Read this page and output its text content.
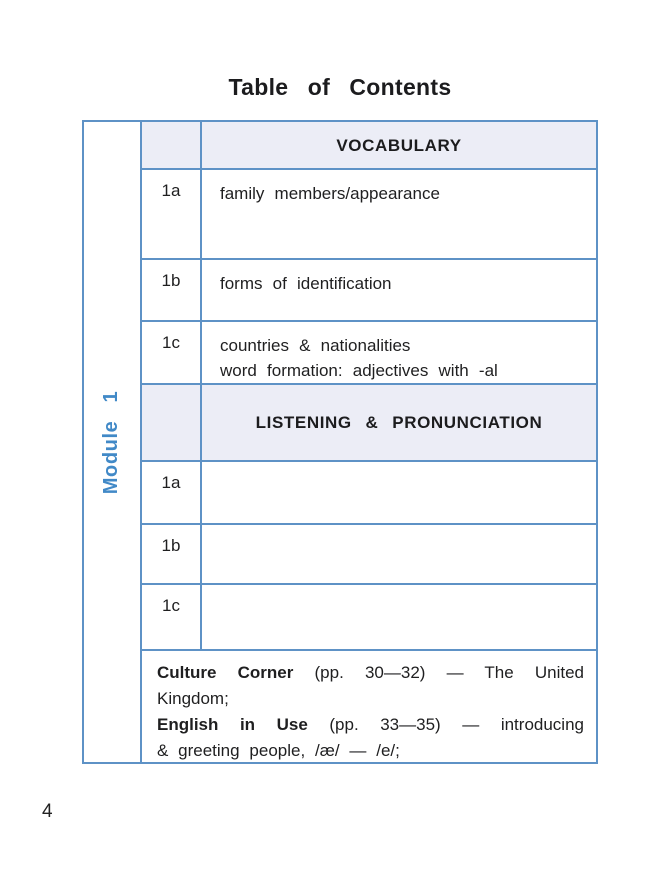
Table of Contents
Module 1
VOCABULARY
1a	family members/appearance
1b	forms of identification
1c	countries & nationalities
word formation: adjectives with -al
LISTENING & PRONUNCIATION
1a
1b
1c
Culture Corner (pp. 30—32) — The United
Kingdom;
English in Use (pp. 33—35) — introducing
& greeting people, /æ/ — /e/;
4
